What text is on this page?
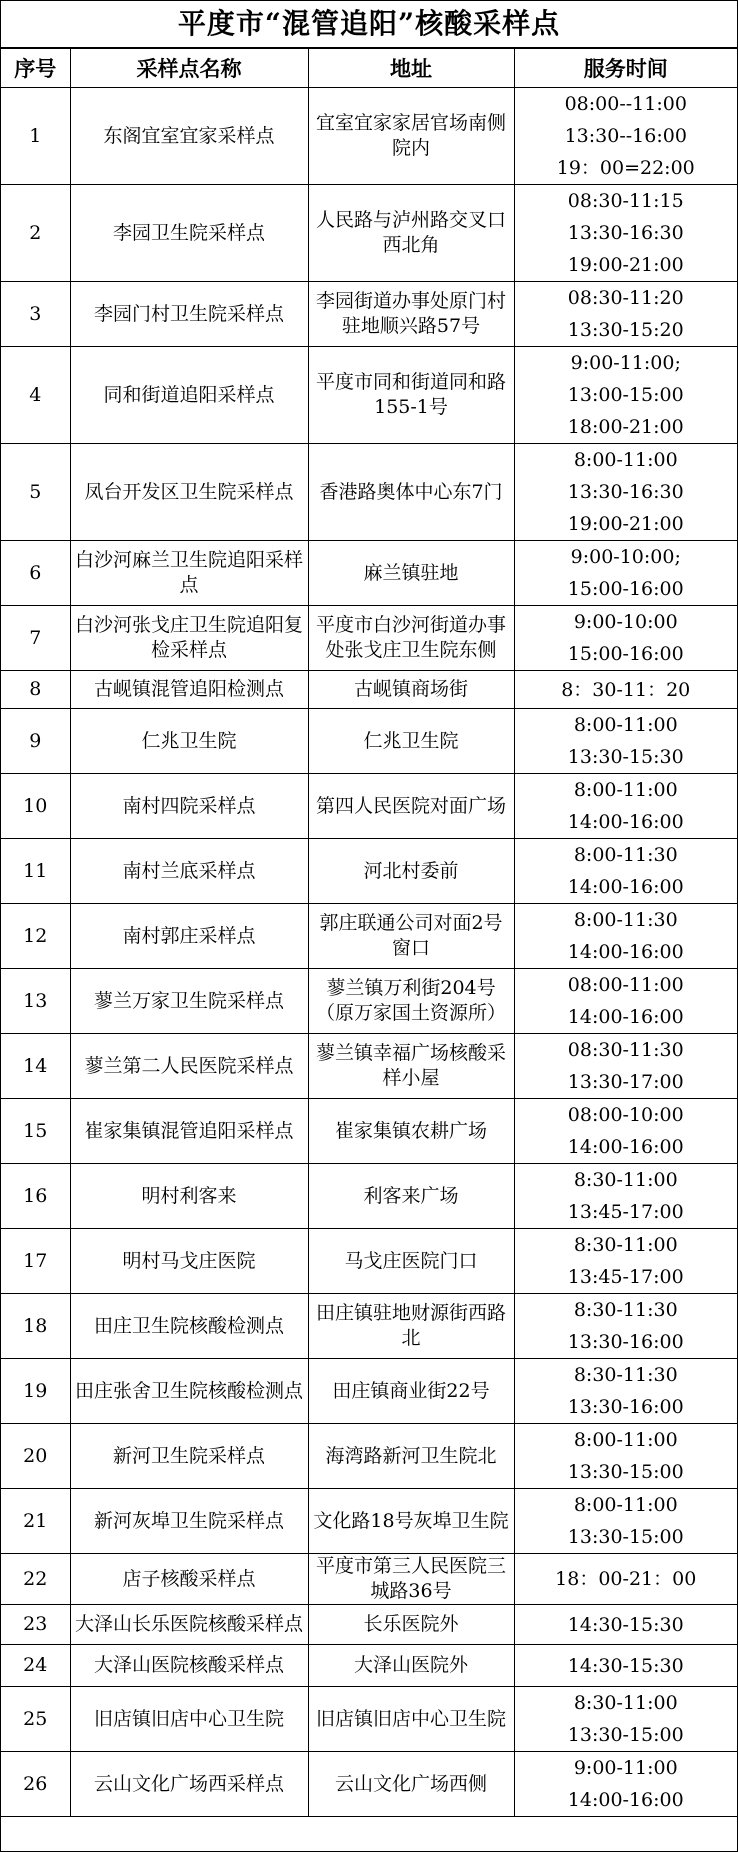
平度市“混管追阳”核酸采样点
序号	采样点名称	地址	服务时间
1	东阁宜室宜家采样点	宜室宜家家居官场南侧院内	08:00--11:00
13:30--16:00
19：00=22:00

2	李园卫生院采样点	人民路与泸州路交叉口西北角	08:30-11:15
13:30-16:30
19:00-21:00

3	李园门村卫生院采样点	李园街道办事处原门村驻地顺兴路57号	08:30-11:20
13:30-15:20

4	同和街道追阳采样点	平度市同和街道同和路155-1号	9:00-11:00;
13:00-15:00
18:00-21:00

5	凤台开发区卫生院采样点	香港路奥体中心东7门	8:00-11:00
13:30-16:30
19:00-21:00

6	白沙河麻兰卫生院追阳采样点	麻兰镇驻地	9:00-10:00;
15:00-16:00

7	白沙河张戈庄卫生院追阳复检采样点	平度市白沙河街道办事处张戈庄卫生院东侧	9:00-10:00
15:00-16:00

8	古岘镇混管追阳检测点	古岘镇商场街	8：30-11：20

9	仁兆卫生院	仁兆卫生院	8:00-11:00
13:30-15:30

10	南村四院采样点	第四人民医院对面广场	8:00-11:00
14:00-16:00

11	南村兰底采样点	河北村委前	8:00-11:30
14:00-16:00

12	南村郭庄采样点	郭庄联通公司对面2号窗口	8:00-11:30
14:00-16:00

13	蓼兰万家卫生院采样点	蓼兰镇万利街204号（原万家国土资源所）	08:00-11:00
14:00-16:00

14	蓼兰第二人民医院采样点	蓼兰镇幸福广场核酸采样小屋	08:30-11:30
13:30-17:00

15	崔家集镇混管追阳采样点	崔家集镇农耕广场	08:00-10:00
14:00-16:00

16	明村利客来	利客来广场	8:30-11:00
13:45-17:00

17	明村马戈庄医院	马戈庄医院门口	8:30-11:00
13:45-17:00

18	田庄卫生院核酸检测点	田庄镇驻地财源街西路北	8:30-11:30
13:30-16:00

19	田庄张舍卫生院核酸检测点	田庄镇商业街22号	8:30-11:30
13:30-16:00

20	新河卫生院采样点	海湾路新河卫生院北	8:00-11:00
13:30-15:00

21	新河灰埠卫生院采样点	文化路18号灰埠卫生院	8:00-11:00
13:30-15:00

22	店子核酸采样点	平度市第三人民医院三城路36号	18：00-21：00

23	大泽山长乐医院核酸采样点	长乐医院外	14:30-15:30

24	大泽山医院核酸采样点	大泽山医院外	14:30-15:30

25	旧店镇旧店中心卫生院	旧店镇旧店中心卫生院	8:30-11:00
13:30-15:00

26	云山文化广场西采样点	云山文化广场西侧	9:00-11:00
14:00-16:00
